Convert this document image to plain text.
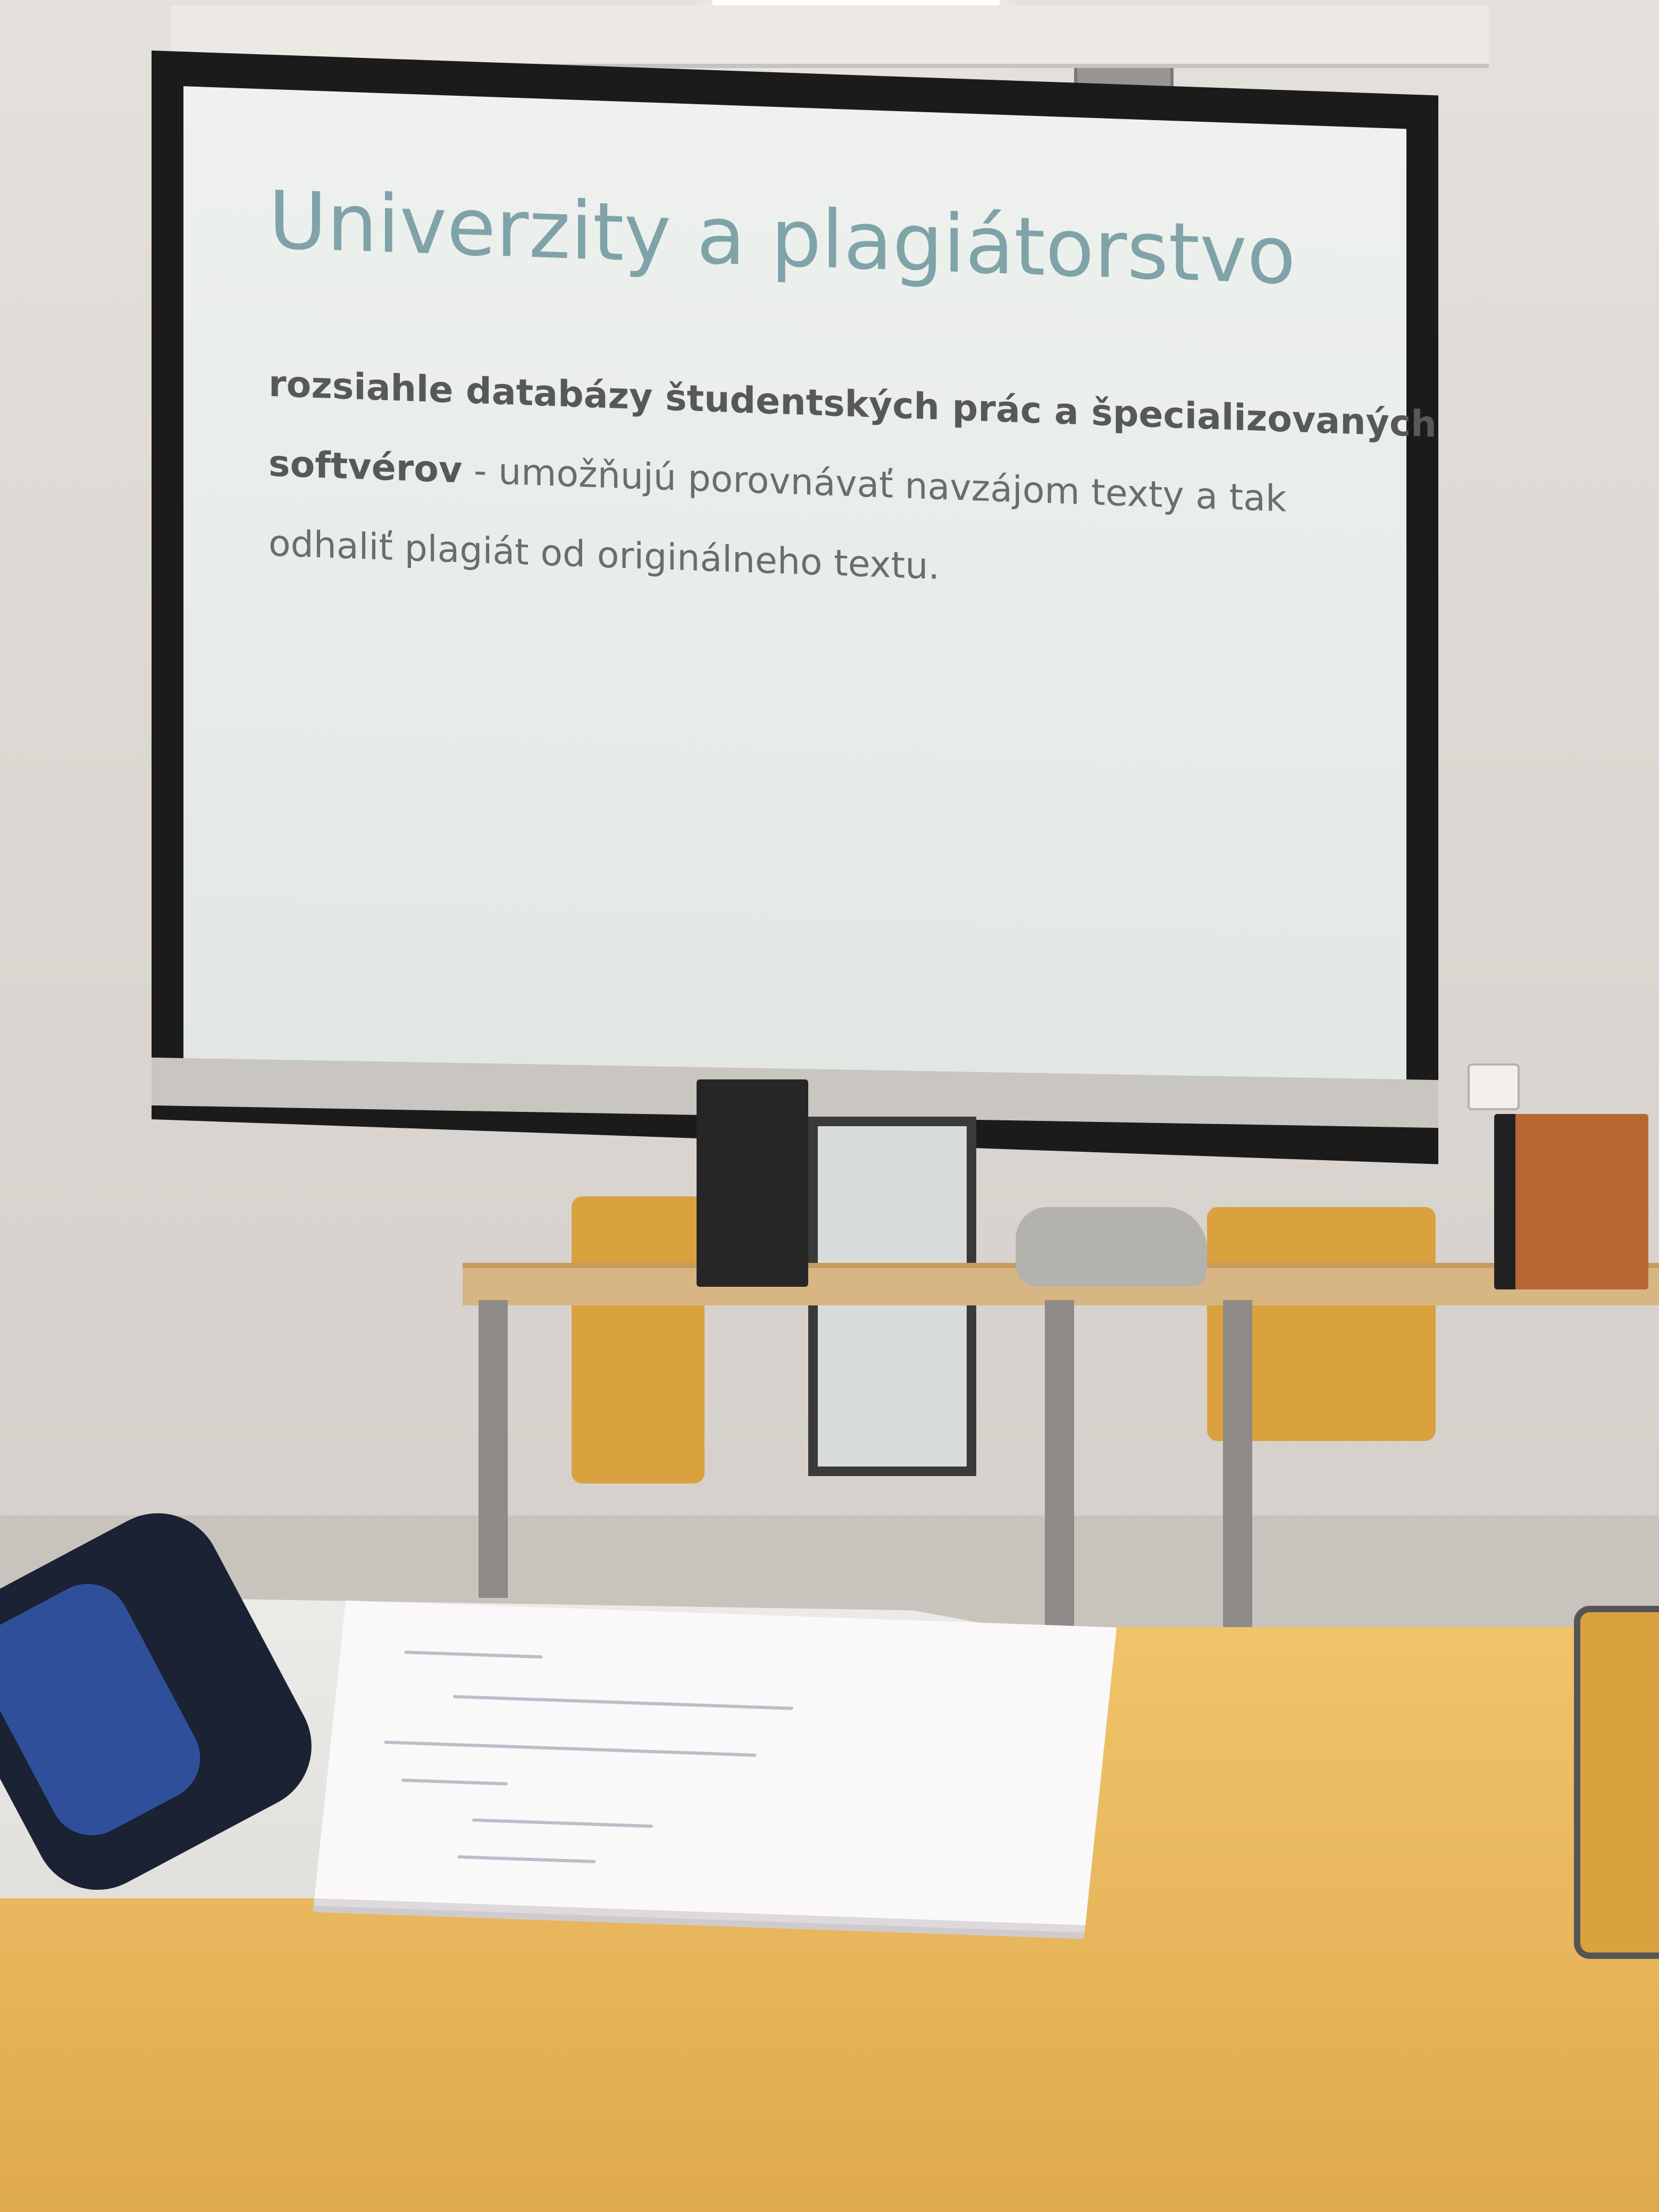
Univerzity a plagiátorstvo
rozsiahle databázy študentských prác a špecializovaných
softvérov - umožňujú porovnávať navzájom texty a tak
odhaliť plagiát od originálneho textu.
